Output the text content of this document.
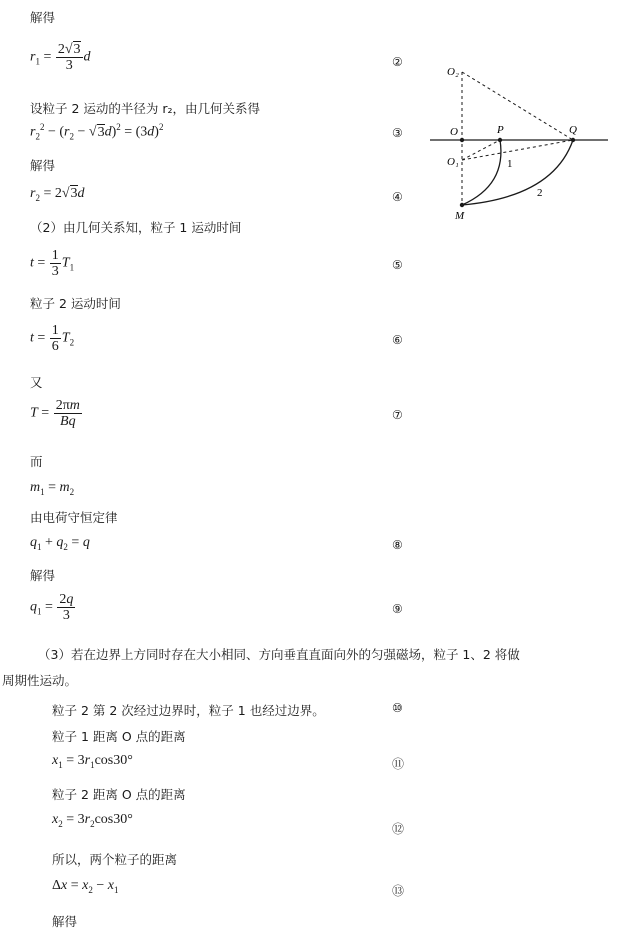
解得
$r_1 = \frac{2√3}{3}$ d	②
设粒子 2 运动的半径为 r₂，由几何关系得
$r_2^2 - (r_2 - √3d)^2 = (3d)^2$	③
解得
$r_2 = 2√3d$	④
（2）由几何关系知，粒子 1 运动时间
$t = \frac{1}{3} T_1$	⑤
粒子 2 运动时间
$t = \frac{1}{6} T_2$	⑥
又
$T = \frac{2\pi m}{Bq}$	⑦
而
$m_1 = m_2$
由电荷守恒定律
$q_1 + q_2 = q$	⑧
解得
$q_1 = \frac{2q}{3}$	⑨
（3）若在边界上方同时存在大小相同、方向垂直直面向外的匀强磁场，粒子 1、2 将做
周期性运动。
粒子 2 第 2 次经过边界时，粒子 1 也经过边界。	⑩
粒子 1 距离 O 点的距离
$x_1 = 3r_1\cos 30^\circ$	⑪
粒子 2 距离 O 点的距离
$x_2 = 3r_2\cos 30^\circ$
⑫
所以，两个粒子的距离
$\Delta x = x_2 - x_1$	⑬
解得
O₂
O	P	Q
O₁
M
1
2
